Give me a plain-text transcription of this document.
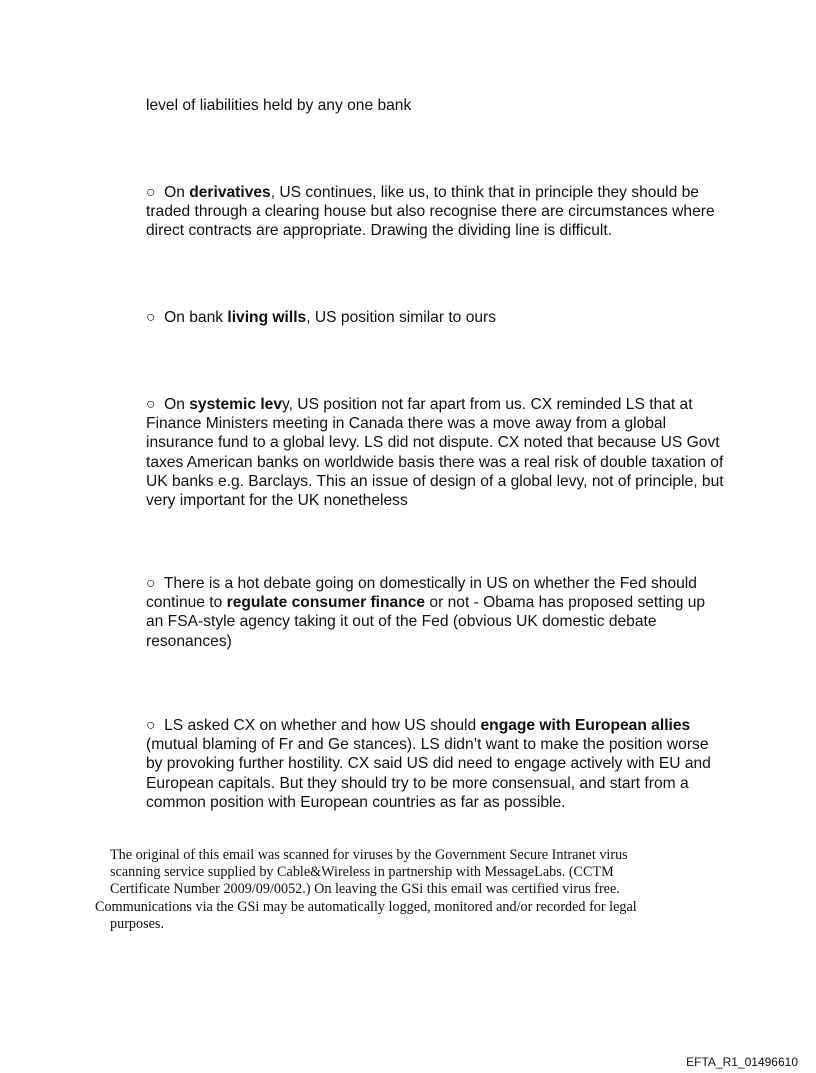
level of liabilities held by any one bank

○ On derivatives, US continues, like us, to think that in principle they should be traded through a clearing house but also recognise there are circumstances where direct contracts are appropriate. Drawing the dividing line is difficult.

○ On bank living wills, US position similar to ours

○ On systemic levy, US position not far apart from us. CX reminded LS that at Finance Ministers meeting in Canada there was a move away from a global insurance fund to a global levy. LS did not dispute. CX noted that because US Govt taxes American banks on worldwide basis there was a real risk of double taxation of UK banks e.g. Barclays. This an issue of design of a global levy, not of principle, but very important for the UK nonetheless

○ There is a hot debate going on domestically in US on whether the Fed should continue to regulate consumer finance or not - Obama has proposed setting up an FSA-style agency taking it out of the Fed (obvious UK domestic debate resonances)

○ LS asked CX on whether and how US should engage with European allies (mutual blaming of Fr and Ge stances). LS didn’t want to make the position worse by provoking further hostility. CX said US did need to engage actively with EU and European capitals. But they should try to be more consensual, and start from a common position with European countries as far as possible.

The original of this email was scanned for viruses by the Government Secure Intranet virus
scanning service supplied by Cable&Wireless in partnership with MessageLabs. (CCTM
Certificate Number 2009/09/0052.) On leaving the GSi this email was certified virus free.
Communications via the GSi may be automatically logged, monitored and/or recorded for legal
purposes.
EFTA_R1_01496610
